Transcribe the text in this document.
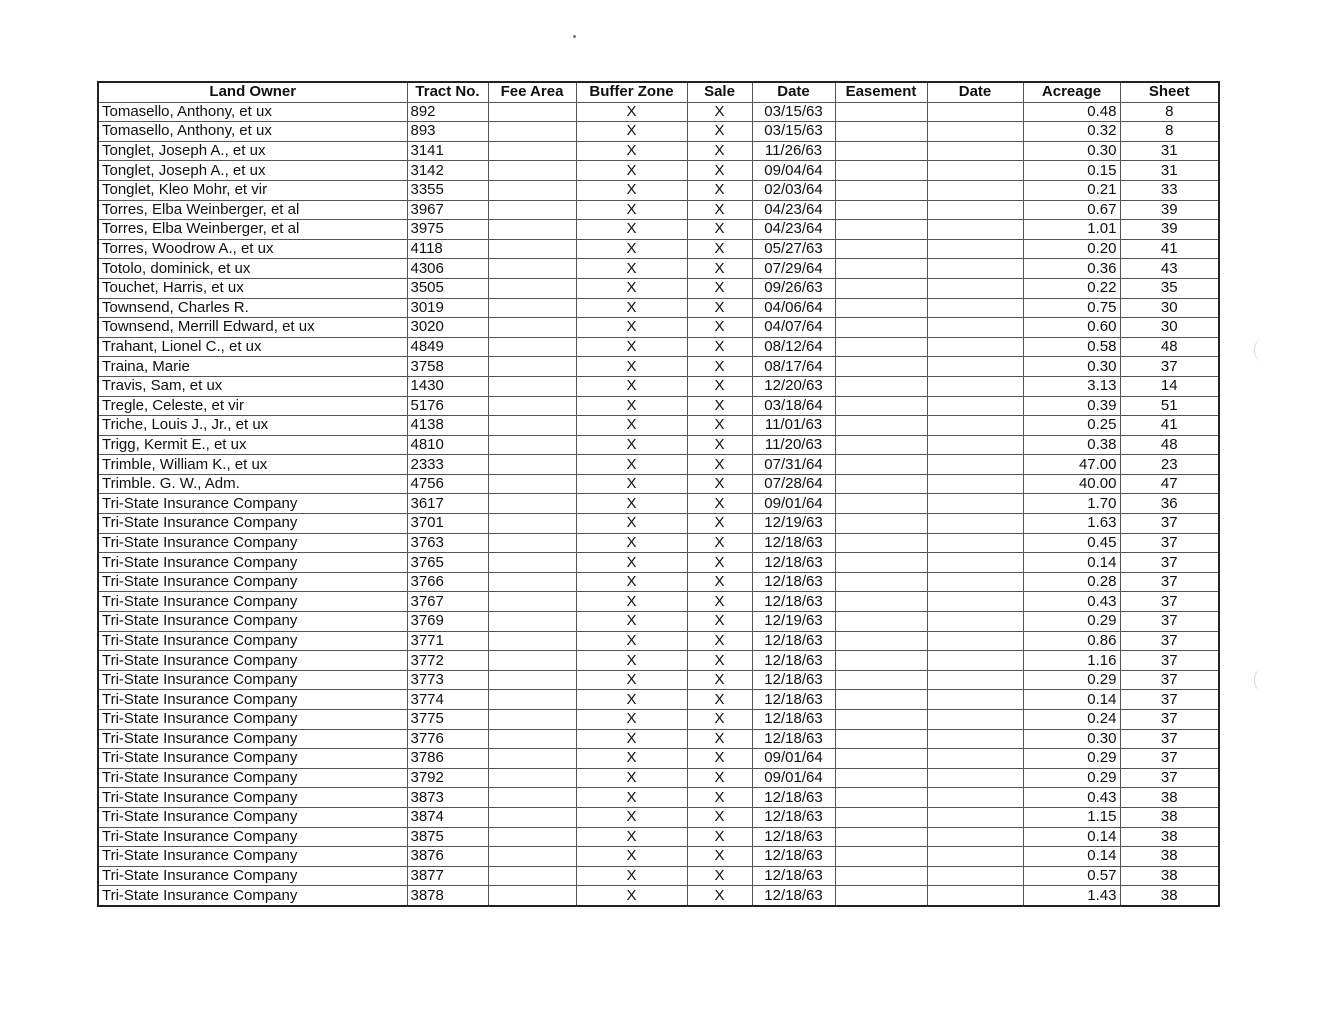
Land Owner	Tract No.	Fee Area	Buffer Zone	Sale	Date	Easement	Date	Acreage	Sheet
Tomasello, Anthony, et ux	892		X	X	03/15/63			0.48	8
Tomasello, Anthony, et ux	893		X	X	03/15/63			0.32	8
Tonglet, Joseph A., et ux	3141		X	X	11/26/63			0.30	31
Tonglet, Joseph A., et ux	3142		X	X	09/04/64			0.15	31
Tonglet, Kleo Mohr, et vir	3355		X	X	02/03/64			0.21	33
Torres, Elba Weinberger, et al	3967		X	X	04/23/64			0.67	39
Torres, Elba Weinberger, et al	3975		X	X	04/23/64			1.01	39
Torres, Woodrow A., et ux	4118		X	X	05/27/63			0.20	41
Totolo, dominick, et ux	4306		X	X	07/29/64			0.36	43
Touchet, Harris, et ux	3505		X	X	09/26/63			0.22	35
Townsend, Charles R.	3019		X	X	04/06/64			0.75	30
Townsend, Merrill Edward, et ux	3020		X	X	04/07/64			0.60	30
Trahant, Lionel C., et ux	4849		X	X	08/12/64			0.58	48
Traina, Marie	3758		X	X	08/17/64			0.30	37
Travis, Sam, et ux	1430		X	X	12/20/63			3.13	14
Tregle, Celeste, et vir	5176		X	X	03/18/64			0.39	51
Triche, Louis J., Jr., et ux	4138		X	X	11/01/63			0.25	41
Trigg, Kermit E., et ux	4810		X	X	11/20/63			0.38	48
Trimble, William K., et ux	2333		X	X	07/31/64			47.00	23
Trimble. G. W., Adm.	4756		X	X	07/28/64			40.00	47
Tri-State Insurance Company	3617		X	X	09/01/64			1.70	36
Tri-State Insurance Company	3701		X	X	12/19/63			1.63	37
Tri-State Insurance Company	3763		X	X	12/18/63			0.45	37
Tri-State Insurance Company	3765		X	X	12/18/63			0.14	37
Tri-State Insurance Company	3766		X	X	12/18/63			0.28	37
Tri-State Insurance Company	3767		X	X	12/18/63			0.43	37
Tri-State Insurance Company	3769		X	X	12/19/63			0.29	37
Tri-State Insurance Company	3771		X	X	12/18/63			0.86	37
Tri-State Insurance Company	3772		X	X	12/18/63			1.16	37
Tri-State Insurance Company	3773		X	X	12/18/63			0.29	37
Tri-State Insurance Company	3774		X	X	12/18/63			0.14	37
Tri-State Insurance Company	3775		X	X	12/18/63			0.24	37
Tri-State Insurance Company	3776		X	X	12/18/63			0.30	37
Tri-State Insurance Company	3786		X	X	09/01/64			0.29	37
Tri-State Insurance Company	3792		X	X	09/01/64			0.29	37
Tri-State Insurance Company	3873		X	X	12/18/63			0.43	38
Tri-State Insurance Company	3874		X	X	12/18/63			1.15	38
Tri-State Insurance Company	3875		X	X	12/18/63			0.14	38
Tri-State Insurance Company	3876		X	X	12/18/63			0.14	38
Tri-State Insurance Company	3877		X	X	12/18/63			0.57	38
Tri-State Insurance Company	3878		X	X	12/18/63			1.43	38
